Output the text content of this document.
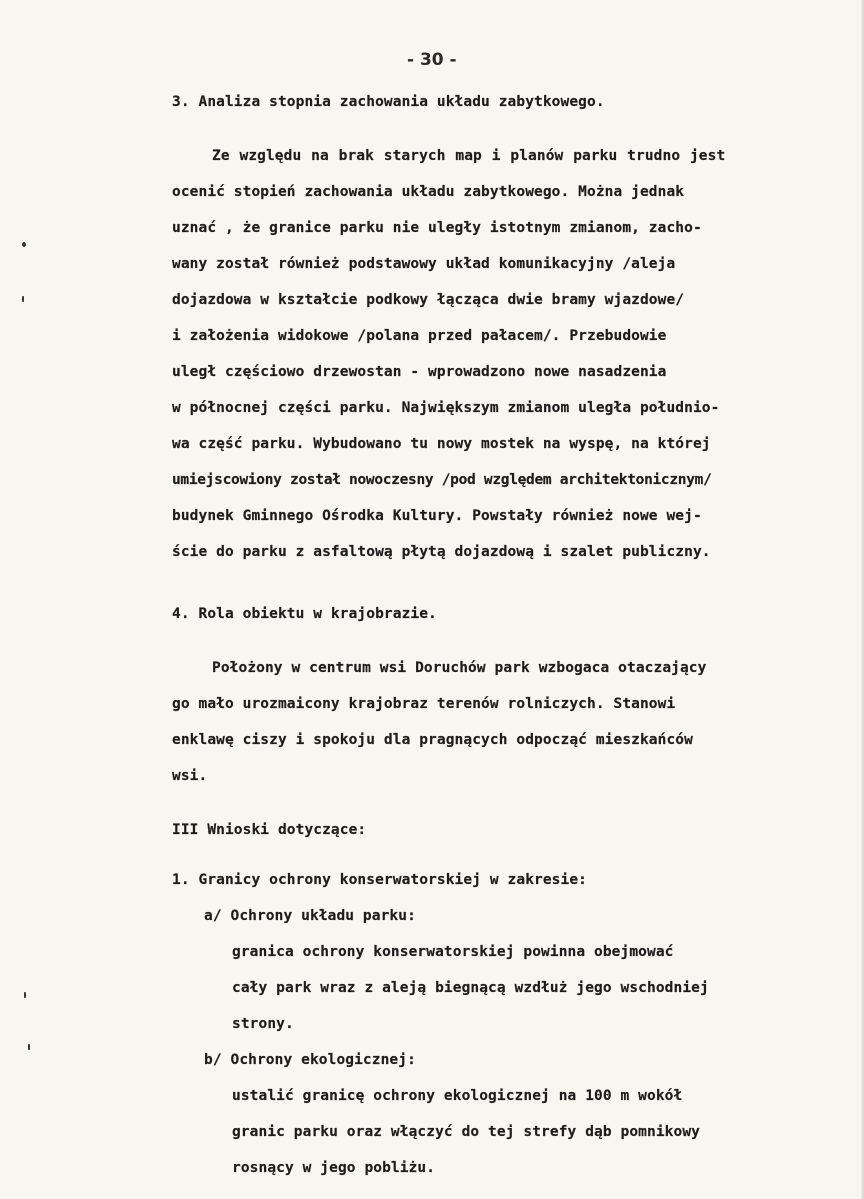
- 30 -
3. Analiza stopnia zachowania układu zabytkowego.
Ze względu na brak starych map i planów parku trudno jest
ocenić stopień zachowania układu zabytkowego. Można jednak
uznać , że granice parku nie uległy istotnym zmianom, zacho-
wany został również podstawowy układ komunikacyjny /aleja
dojazdowa w kształcie podkowy łącząca dwie bramy wjazdowe/
i założenia widokowe /polana przed pałacem/. Przebudowie
uległ częściowo drzewostan - wprowadzono nowe nasadzenia
w północnej części parku. Największym zmianom uległa południo-
wa część parku. Wybudowano tu nowy mostek na wyspę, na której
umiejscowiony został nowoczesny /pod względem architektonicznym/
budynek Gminnego Ośrodka Kultury. Powstały również nowe wej-
ście do parku z asfaltową płytą dojazdową i szalet publiczny.
4. Rola obiektu w krajobrazie.
Położony w centrum wsi Doruchów park wzbogaca otaczający
go mało urozmaicony krajobraz terenów rolniczych. Stanowi
enklawę ciszy i spokoju dla pragnących odpocząć mieszkańców
wsi.
III Wnioski dotyczące:
1. Granicy ochrony konserwatorskiej w zakresie:
a/ Ochrony układu parku:
granica ochrony konserwatorskiej powinna obejmować
cały park wraz z aleją biegnącą wzdłuż jego wschodniej
strony.
b/ Ochrony ekologicznej:
ustalić granicę ochrony ekologicznej na 100 m wokół
granic parku oraz włączyć do tej strefy dąb pomnikowy
rosnący w jego pobliżu.
